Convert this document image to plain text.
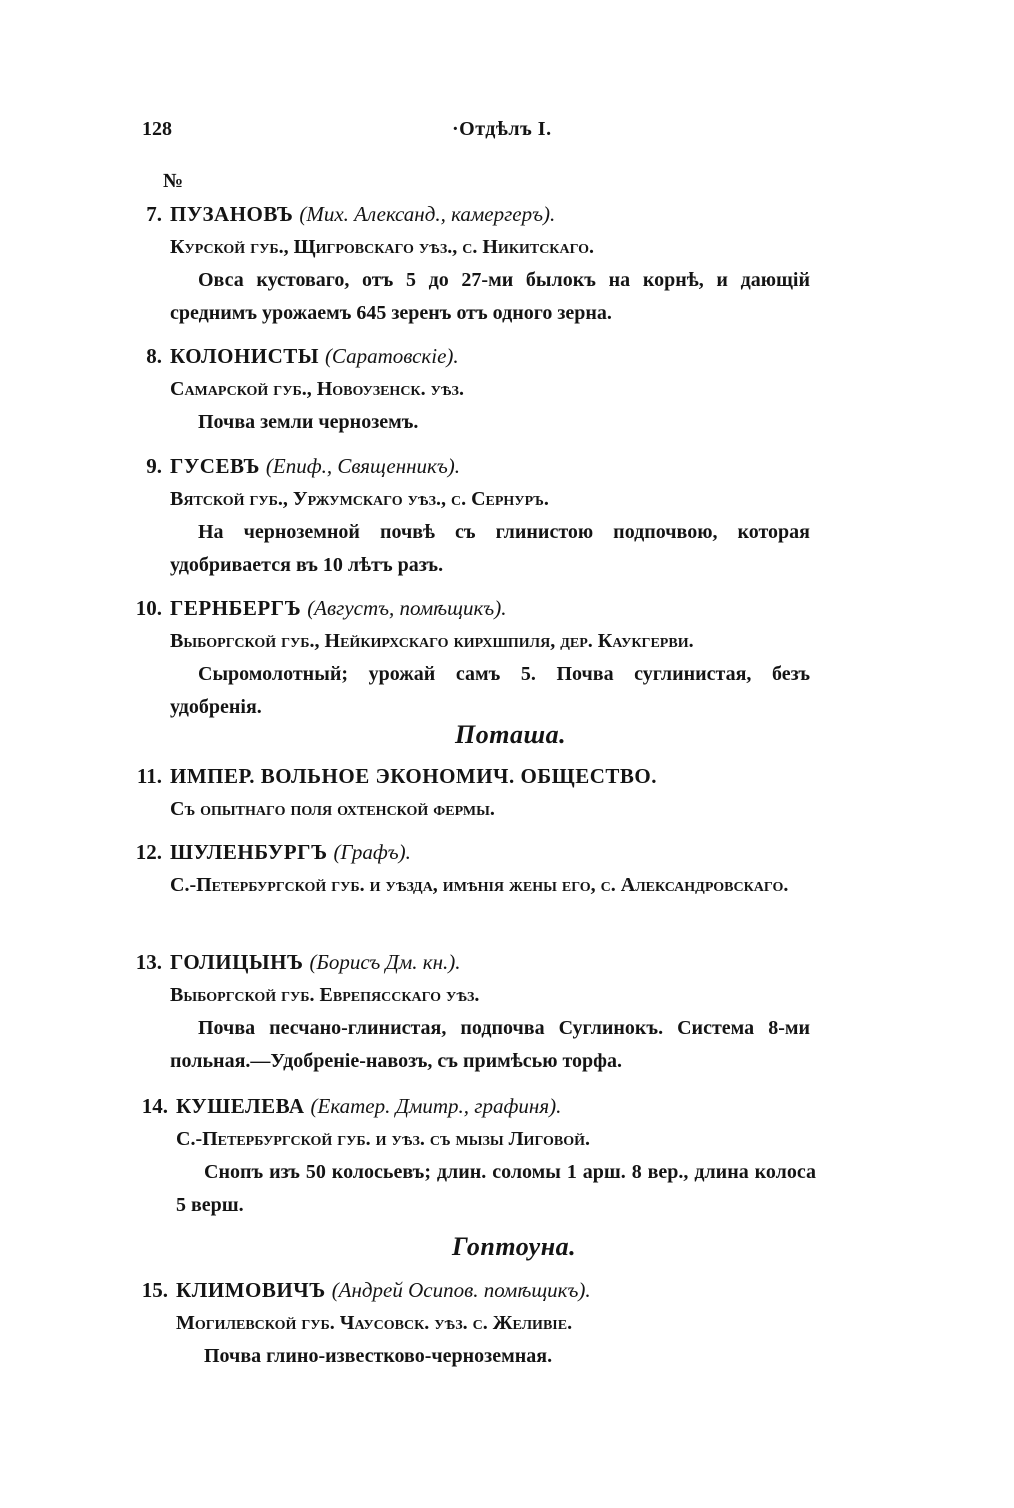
128	·Отдѣлъ I.
№
7. ПУЗАНОВЪ (Мих. Александ., камергеръ).
Курской губ., Щигровскаго уѣз., с. Никитскаго.
Овса кустоваго, отъ 5 до 27-ми былокъ на корнѣ, и дающій среднимъ урожаемъ 645 зеренъ отъ одного зерна.
8. КОЛОНИСТЫ (Саратовскіе).
Самарской губ., Новоузенск. уѣз.
Почва земли черноземъ.
9. ГУСЕВЪ (Епиф., Священникъ).
Вятской губ., Уржумскаго уѣз., с. Сернуръ.
На черноземной почвѣ съ глинистою подпочвою, которая удобривается въ 10 лѣтъ разъ.
10. ГЕРНБЕРГЪ (Августъ, помѣщикъ).
Выборгской губ., Нейкирхскаго кирхшпиля, дер. Каукгерви.
Сыромолотный; урожай самъ 5. Почва суглинистая, безъ удобренія.
Поташа.
11. ИМПЕР. ВОЛЬНОЕ ЭКОНОМИЧ. ОБЩЕСТВО.
Съ опытнаго поля охтенской фермы.
12. ШУЛЕНБУРГЪ (Графъ).
С.-Петербургской губ. и уѣзда, имѣнія жены его, с. Александровскаго.
13. ГОЛИЦЫНЪ (Борисъ Дм. кн.).
Выборгской губ. Еврепясскаго уѣз.
Почва песчано-глинистая, подпочва Суглинокъ. Система 8-ми польная.—Удобреніе-навозъ, съ примѣсью торфа.
14. КУШЕЛЕВА (Екатер. Дмитр., графиня).
С.-Петербургской губ. и уѣз. съ мызы Лиговой.
Снопъ изъ 50 колосьевъ; длин. соломы 1 арш. 8 вер., длина колоса 5 верш.
Гоптоуна.
15. КЛИМОВИЧЪ (Андрей Осипов. помѣщикъ).
Могилевской губ. Чаусовск. уѣз. с. Желивіе.
Почва глино-известково-черноземная.
